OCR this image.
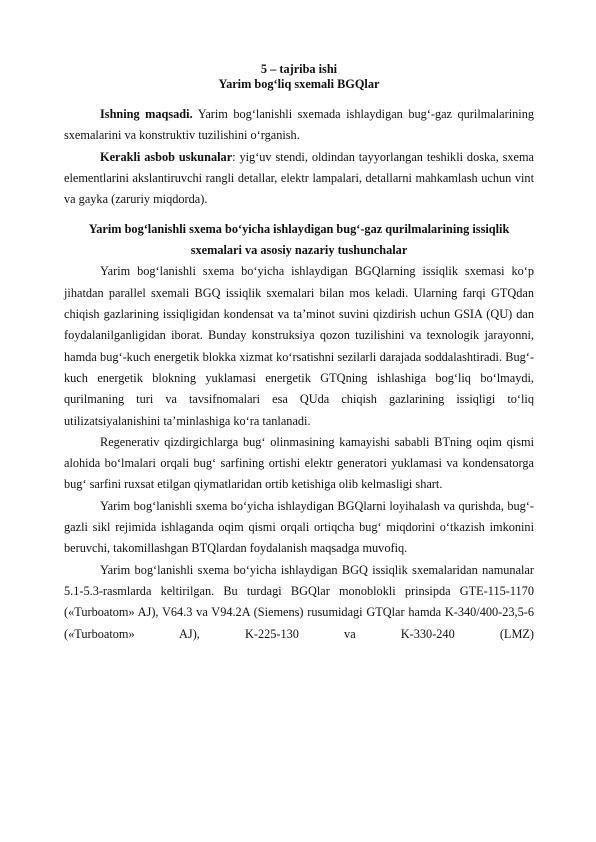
5 – tajriba ishi
Yarim bog‘liq sxemali BGQlar

Ishning maqsadi. Yarim bog‘lanishli sxemada ishlaydigan bug‘-gaz qurilmalarining sxemalarini va konstruktiv tuzilishini o‘rganish.

Kerakli asbob uskunalar: yig‘uv stendi, oldindan tayyorlangan teshikli doska, sxema elementlarini akslantiruvchi rangli detallar, elektr lampalari, detallarni mahkamlash uchun vint va gayka (zaruriy miqdorda).

Yarim bog‘lanishli sxema bo‘yicha ishlaydigan bug‘-gaz qurilmalarining issiqlik sxemalari va asosiy nazariy tushunchalar

Yarim bog‘lanishli sxema bo‘yicha ishlaydigan BGQlarning issiqlik sxemasi ko‘p jihatdan parallel sxemali BGQ issiqlik sxemalari bilan mos keladi. Ularning farqi GTQdan chiqish gazlarining issiqligidan kondensat va ta’minot suvini qizdirish uchun GSIA (QU) dan foydalanilganligidan iborat. Bunday konstruksiya qozon tuzilishini va texnologik jarayonni, hamda bug‘-kuch energetik blokka xizmat ko‘rsatishni sezilarli darajada soddalashtiradi. Bug‘-kuch energetik blokning yuklamasi energetik GTQning ishlashiga bog‘liq bo‘lmaydi, qurilmaning turi va tavsifnomalari esa QUda chiqish gazlarining issiqligi to‘liq utilizatsiyalanishini ta’minlashiga ko‘ra tanlanadi.

Regenerativ qizdirgichlarga bug‘ olinmasining kamayishi sababli BTning oqim qismi alohida bo‘lmalari orqali bug‘ sarfining ortishi elektr generatori yuklamasi va kondensatorga bug‘ sarfini ruxsat etilgan qiymatlaridan ortib ketishiga olib kelmasligi shart.

Yarim bog‘lanishli sxema bo‘yicha ishlaydigan BGQlarni loyihalash va qurishda, bug‘-gazli sikl rejimida ishlaganda oqim qismi orqali ortiqcha bug‘ miqdorini o‘tkazish imkonini beruvchi, takomillashgan BTQlardan foydalanish maqsadga muvofiq.

Yarim bog‘lanishli sxema bo‘yicha ishlaydigan BGQ issiqlik sxemalaridan namunalar 5.1-5.3-rasmlarda keltirilgan. Bu turdagi BGQlar monoblokli prinsipda GTE-115-1170 («Turboatom» AJ), V64.3 va V94.2A (Siemens) rusumidagi GTQlar hamda K-340/400-23,5-6 («Turboatom» AJ), K-225-130 va K-330-240 (LMZ)
